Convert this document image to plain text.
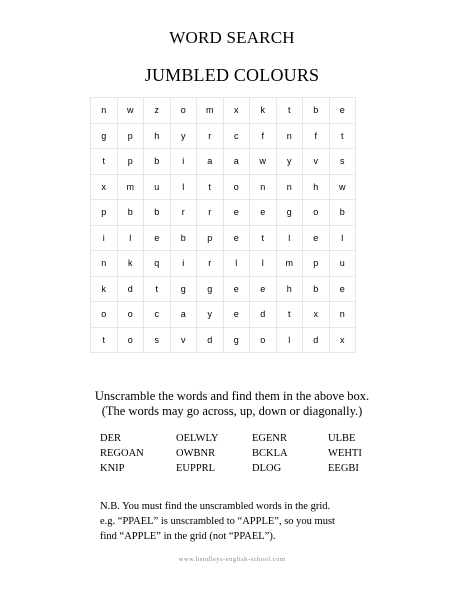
WORD SEARCH
JUMBLED COLOURS
n	w	z	o	m	x	k	t	b	e
g	p	h	y	r	c	f	n	f	t
t	p	b	i	a	a	w	y	v	s
x	m	u	l	t	o	n	n	h	w
p	b	b	r	r	e	e	g	o	b
i	l	e	b	p	e	t	l	e	l
n	k	q	i	r	l	l	m	p	u
k	d	t	g	g	e	e	h	b	e
o	o	c	a	y	e	d	t	x	n
t	o	s	v	d	g	o	l	d	x
Unscramble the words and find them in the above box.
(The words may go across, up, down or diagonally.)
DER	OELWLY	EGENR	ULBE
REGOAN	OWBNR	BCKLA	WEHTI
KNIP	EUPPRL	DLOG	EEGBI
N.B. You must find the unscrambled words in the grid.
e.g. “PPAEL” is unscrambled to “APPLE”, so you must
find “APPLE” in the grid (not “PPAEL”).
www.hendleys-english-school.com
